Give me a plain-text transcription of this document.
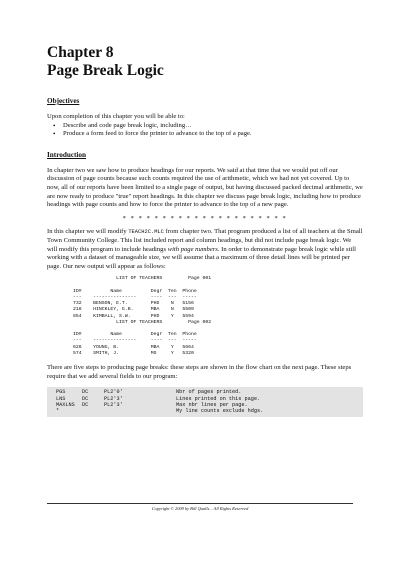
Chapter 8
Page Break Logic
Objectives

Upon completion of this chapter you will be able to:

• Describe and code page break logic, including…
• Produce a form feed to force the printer to advance to the top of a page.
Introduction

In chapter two we saw how to produce headings for our reports. We said at that time that we would put off our discussion of page counts because such counts required the use of arithmetic, which we had not yet covered. Up to now, all of our reports have been limited to a single page of output, but having discussed packed decimal arithmetic, we are now ready to produce "true" report headings. In this chapter we discuss page break logic, including how to produce headings with page counts and how to force the printer to advance to the top of a new page.

* * * * * * * * * * * * * * * * * * * * *

In this chapter we will modify TEACH2C.MLC from chapter two. That program produced a list of all teachers at the Small Town Community College. This list included report and column headings, but did not include page break logic. We will modify this program to include headings with page numbers. In order to demonstrate page break logic while still working with a dataset of manageable size, we will assume that a maximum of three detail lines will be printed per page. Our new output will appear as follows:

LIST OF TEACHERS         Page 001

ID#          Name          Degr  Ten  Phone
---    ---------------     ----  ---  -----
732    BENSON, E.T.        PHD    N   5156
218    HINCKLEY, G.B.      MBA    N   5509
854    KIMBALL, S.W.       PHD    Y   5594
LIST OF TEACHERS         Page 002

ID#          Name          Degr  Ten  Phone
---    ---------------     ----  ---  -----
626    YOUNG, B.           MBA    Y   5664
574    SMITH, J.           MS     Y   5320

There are five steps to producing page breaks: these steps are shown in the flow chart on the next page. These steps require that we add several fields to our program:

PGS	DC	PL2'0'	Nbr of pages printed.
LNS	DC	PL2'3'	Lines printed on this page.
MAXLNS	DC	PL2'3'	Max nbr lines per page.
*	My line counts exclude hdgs.
Copyright © 2009 by Bill Qualls – All Rights Reserved
